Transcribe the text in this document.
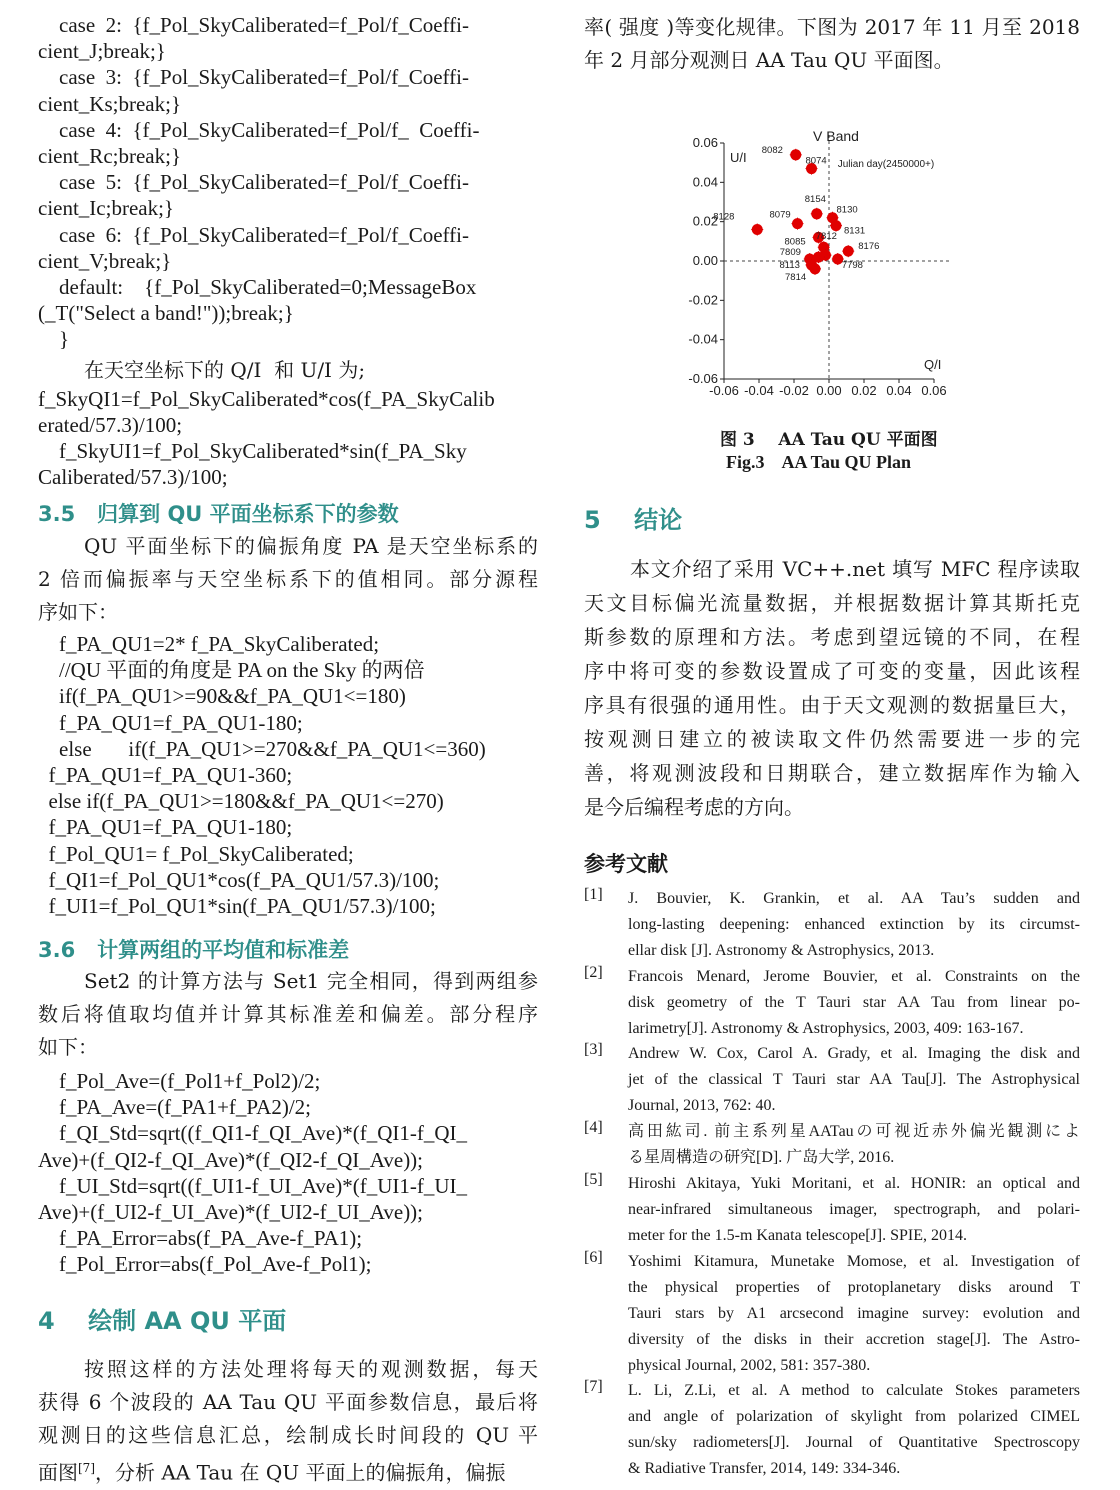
case  2:  {f_Pol_SkyCaliberated=f_Pol/f_Coeffi-
cient_J;break;}
case  3:  {f_Pol_SkyCaliberated=f_Pol/f_Coeffi-
cient_Ks;break;}
case  4:  {f_Pol_SkyCaliberated=f_Pol/f_  Coeffi-
cient_Rc;break;}
case  5:  {f_Pol_SkyCaliberated=f_Pol/f_Coeffi-
cient_Ic;break;}
case  6:  {f_Pol_SkyCaliberated=f_Pol/f_Coeffi-
cient_V;break;}
default:    {f_Pol_SkyCaliberated=0;MessageBox
(_T("Select a band!"));break;}
}
在天空坐标下的 Q/I  和 U/I 为;
f_SkyQI1=f_Pol_SkyCaliberated*cos(f_PA_SkyCalib
erated/57.3)/100;
f_SkyUI1=f_Pol_SkyCaliberated*sin(f_PA_Sky
Caliberated/57.3)/100;
3.5   归算到 QU 平面坐标系下的参数
QU 平面坐标下的偏振角度 PA 是天空坐标系的
2 倍而偏振率与天空坐标系下的值相同。部分源程
序如下：
f_PA_QU1=2* f_PA_SkyCaliberated;
//QU 平面的角度是 PA on the Sky 的两倍
if(f_PA_QU1>=90&&f_PA_QU1<=180)
f_PA_QU1=f_PA_QU1-180;
else       if(f_PA_QU1>=270&&f_PA_QU1<=360)
f_PA_QU1=f_PA_QU1-360;
else if(f_PA_QU1>=180&&f_PA_QU1<=270)
f_PA_QU1=f_PA_QU1-180;
f_Pol_QU1= f_Pol_SkyCaliberated;
f_QI1=f_Pol_QU1*cos(f_PA_QU1/57.3)/100;
f_UI1=f_Pol_QU1*sin(f_PA_QU1/57.3)/100;
3.6   计算两组的平均值和标准差
Set2 的计算方法与 Set1 完全相同，得到两组参
数后将值取均值并计算其标准差和偏差。部分程序
如下：
f_Pol_Ave=(f_Pol1+f_Pol2)/2;
f_PA_Ave=(f_PA1+f_PA2)/2;
f_QI_Std=sqrt((f_QI1-f_QI_Ave)*(f_QI1-f_QI_
Ave)+(f_QI2-f_QI_Ave)*(f_QI2-f_QI_Ave));
f_UI_Std=sqrt((f_UI1-f_UI_Ave)*(f_UI1-f_UI_
Ave)+(f_UI2-f_UI_Ave)*(f_UI2-f_UI_Ave));
f_PA_Error=abs(f_PA_Ave-f_PA1);
f_Pol_Error=abs(f_Pol_Ave-f_Pol1);
4    绘制 AA QU 平面
按照这样的方法处理将每天的观测数据，每天
获得 6 个波段的 AA Tau QU 平面参数信息，最后将
观测日的这些信息汇总，绘制成长时间段的 QU 平
面图[7]，分析 AA Tau 在 QU 平面上的偏振角，偏振
率( 强度 )等变化规律。下图为 2017 年 11 月至 2018
年 2 月部分观测日 AA Tau QU 平面图。
0.06
0.04
0.02
0.00
-0.02
-0.04
-0.06
-0.06 -0.04 -0.02 0.00 0.02 0.04 0.06
V Band
U/I
Q/I
Julian day(2450000+)
8082
8074
8128	8079
8154
8130
8131
8085 7812
8176
7809
7798
8113
7814
图 3    AA Tau QU 平面图
Fig.3    AA Tau QU Plan
5    结论
本文介绍了采用 VC++.net 填写 MFC 程序读取
天文目标偏光流量数据，并根据数据计算其斯托克
斯参数的原理和方法。考虑到望远镜的不同，在程
序中将可变的参数设置成了可变的变量，因此该程
序具有很强的通用性。由于天文观测的数据量巨大，
按观测日建立的被读取文件仍然需要进一步的完
善，将观测波段和日期联合，建立数据库作为输入
是今后编程考虑的方向。
参考文献
[1] J. Bouvier, K. Grankin, et al. AA Tau’s sudden and
long-lasting deepening: enhanced extinction by its circumst-
ellar disk [J]. Astronomy & Astrophysics, 2013.
[2] Francois Menard, Jerome Bouvier, et al. Constraints on the
disk geometry of the T Tauri star AA Tau from linear po-
larimetry[J]. Astronomy & Astrophysics, 2003, 409: 163-167.
[3] Andrew W. Cox, Carol A. Grady, et al. Imaging the disk and
jet of the classical T Tauri star AA Tau[J]. The Astrophysical
Journal, 2013, 762: 40.
[4] 高田紘司. 前主系列星AATauの可视近赤外偏光観測によ
る星周構造の研究[D]. 广岛大学, 2016.
[5] Hiroshi Akitaya, Yuki Moritani, et al. HONIR: an optical and
near-infrared simultaneous imager, spectrograph, and polari-
meter for the 1.5-m Kanata telescope[J]. SPIE, 2014.
[6] Yoshimi Kitamura, Munetake Momose, et al. Investigation of
the physical properties of protoplanetary disks around T
Tauri stars by A1 arcsecond imagine survey: evolution and
diversity of the disks in their accretion stage[J]. The Astro-
physical Journal, 2002, 581: 357-380.
[7] L. Li, Z.Li, et al. A method to calculate Stokes parameters
and angle of polarization of skylight from polarized CIMEL
sun/sky radiometers[J]. Journal of Quantitative Spectroscopy
& Radiative Transfer, 2014, 149: 334-346.
